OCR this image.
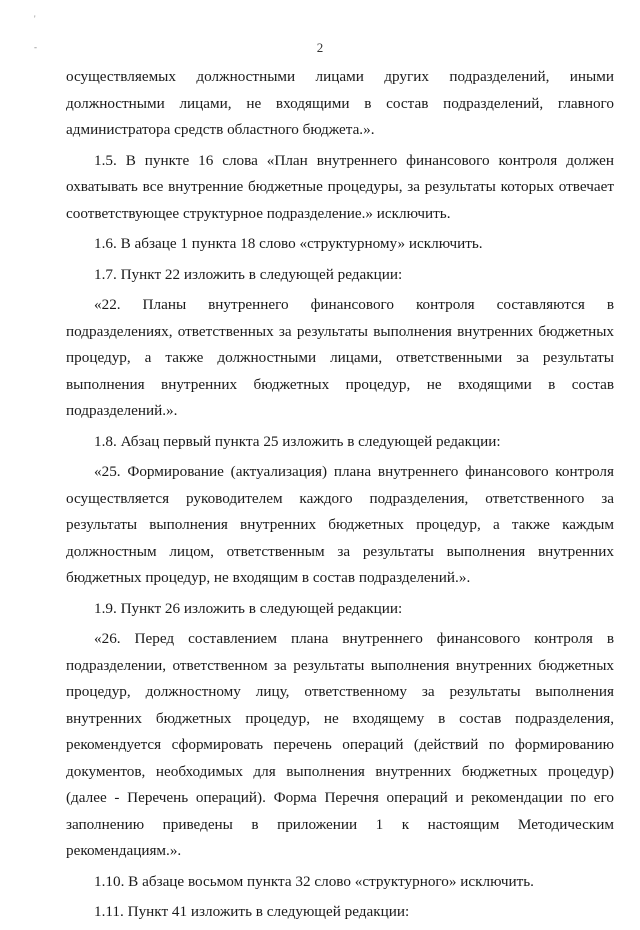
'
-	2
осуществляемых должностными лицами других подразделений, иными
должностными лицами, не входящими в состав подразделений, главного
администратора средств областного бюджета.».
1.5. В пункте 16 слова «План внутреннего финансового контроля должен
охватывать все внутренние бюджетные процедуры, за результаты которых отвечает
соответствующее структурное подразделение.» исключить.
1.6. В абзаце 1 пункта 18 слово «структурному» исключить.
1.7. Пункт 22 изложить в следующей редакции:
«22. Планы внутреннего финансового контроля составляются в
подразделениях, ответственных за результаты выполнения внутренних бюджетных
процедур, а также должностными лицами, ответственными за результаты
выполнения внутренних бюджетных процедур, не входящими в состав
подразделений.».
1.8. Абзац первый пункта 25 изложить в следующей редакции:
«25. Формирование (актуализация) плана внутреннего финансового контроля
осуществляется руководителем каждого подразделения, ответственного за
результаты выполнения внутренних бюджетных процедур, а также каждым
должностным лицом, ответственным за результаты выполнения внутренних
бюджетных процедур, не входящим в состав подразделений.».
1.9. Пункт 26 изложить в следующей редакции:
«26. Перед составлением плана внутреннего финансового контроля в
подразделении, ответственном за результаты выполнения внутренних бюджетных
процедур, должностному лицу, ответственному за результаты выполнения
внутренних бюджетных процедур, не входящему в состав подразделения,
рекомендуется сформировать перечень операций (действий по формированию
документов, необходимых для выполнения внутренних бюджетных процедур)
(далее - Перечень операций). Форма Перечня операций и рекомендации по его
заполнению приведены в приложении 1 к настоящим Методическим
рекомендациям.».
1.10. В абзаце восьмом пункта 32 слово «структурного» исключить.
1.11. Пункт 41 изложить в следующей редакции:
